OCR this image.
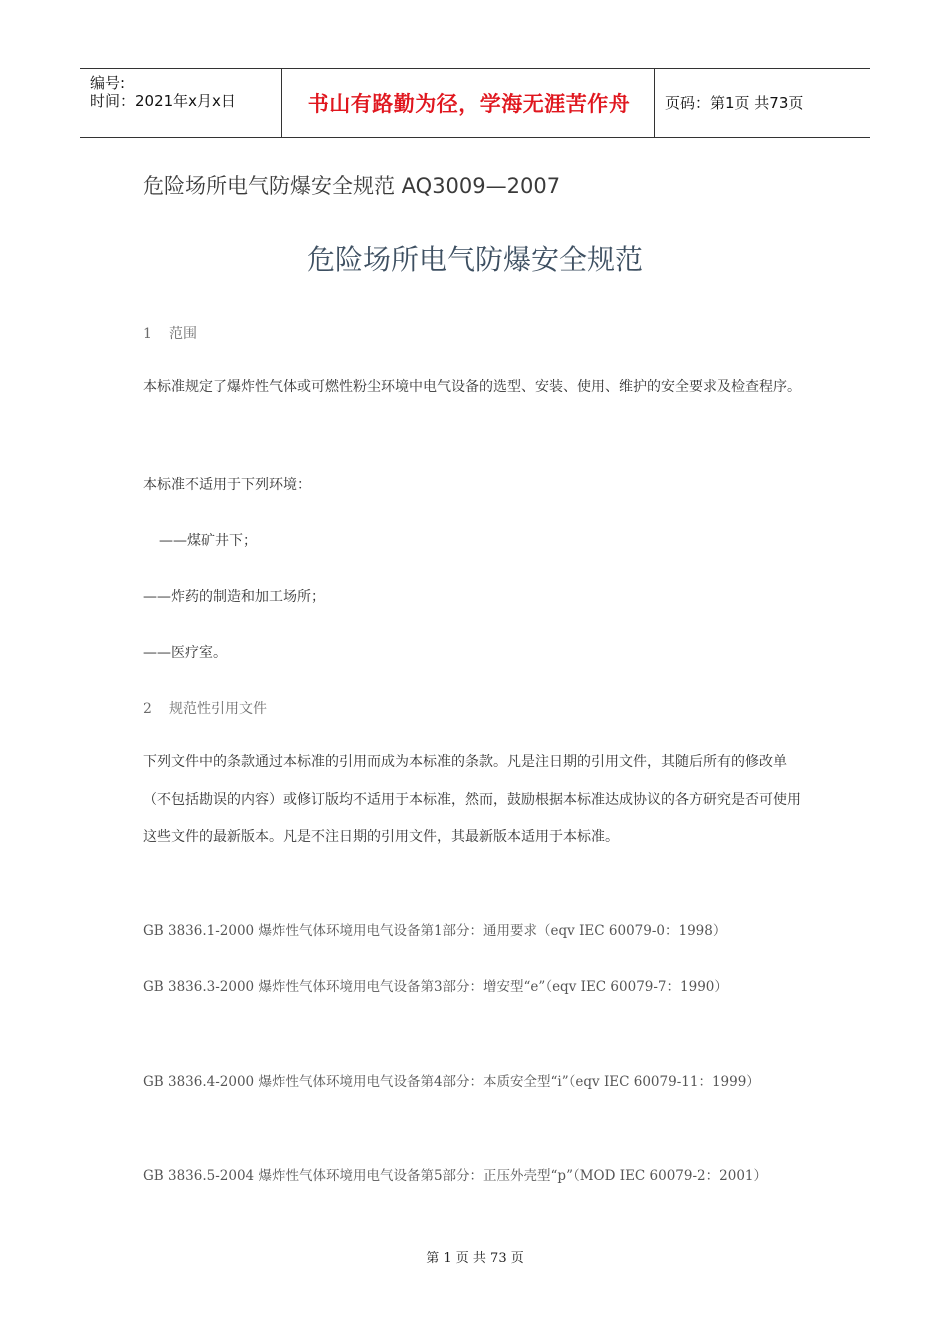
编号:
时间：2021年x月x日	书山有路勤为径，学海无涯苦作舟	页码：第1页 共73页
危险场所电气防爆安全规范 AQ3009—2007
危险场所电气防爆安全规范
1 范围
本标准规定了爆炸性气体或可燃性粉尘环境中电气设备的选型、安装、使用、维护的安全要求及检查程序。
本标准不适用于下列环境：
——煤矿井下；
——炸药的制造和加工场所；
——医疗室。
2 规范性引用文件
下列文件中的条款通过本标准的引用而成为本标准的条款。凡是注日期的引用文件，其随后所有的修改单（不包括勘误的内容）或修订版均不适用于本标准，然而，鼓励根据本标准达成协议的各方研究是否可使用这些文件的最新版本。凡是不注日期的引用文件，其最新版本适用于本标准。
GB 3836.1-2000 爆炸性气体环境用电气设备第1部分：通用要求（eqv IEC 60079-0：1998）
GB 3836.3-2000 爆炸性气体环境用电气设备第3部分：增安型“e”（eqv IEC 60079-7：1990）
GB 3836.4-2000 爆炸性气体环境用电气设备第4部分：本质安全型“i”（eqv IEC 60079-11：1999）
GB 3836.5-2004 爆炸性气体环境用电气设备第5部分：正压外壳型“p”（MOD IEC 60079-2：2001）
第 1 页 共 73 页
